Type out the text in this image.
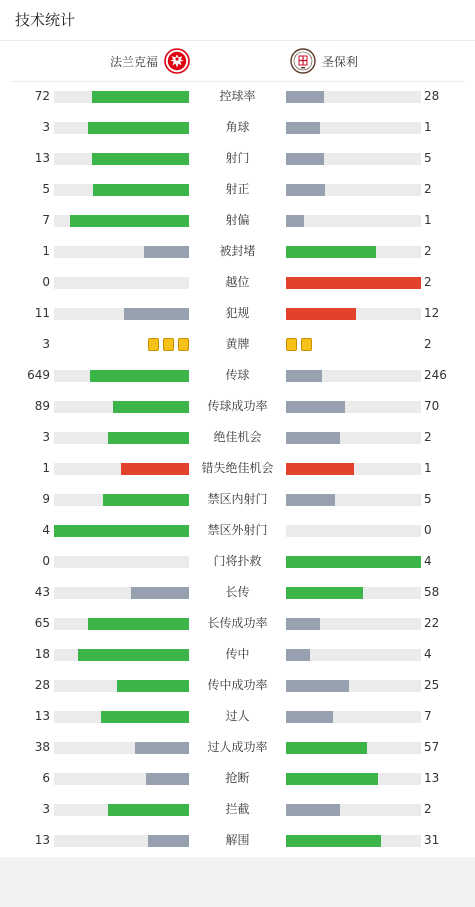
技术统计
法兰克福	圣保利
72	控球率	28
3	角球	1
13	射门	5
5	射正	2
7	射偏	1
1	被封堵	2
0	越位	2
11	犯规	12
3	黄牌	2
649	传球	246
89	传球成功率	70
3	绝佳机会	2
1	错失绝佳机会	1
9	禁区内射门	5
4	禁区外射门	0
0	门将扑救	4
43	长传	58
65	长传成功率	22
18	传中	4
28	传中成功率	25
13	过人	7
38	过人成功率	57
6	抢断	13
3	拦截	2
13	解围	31
